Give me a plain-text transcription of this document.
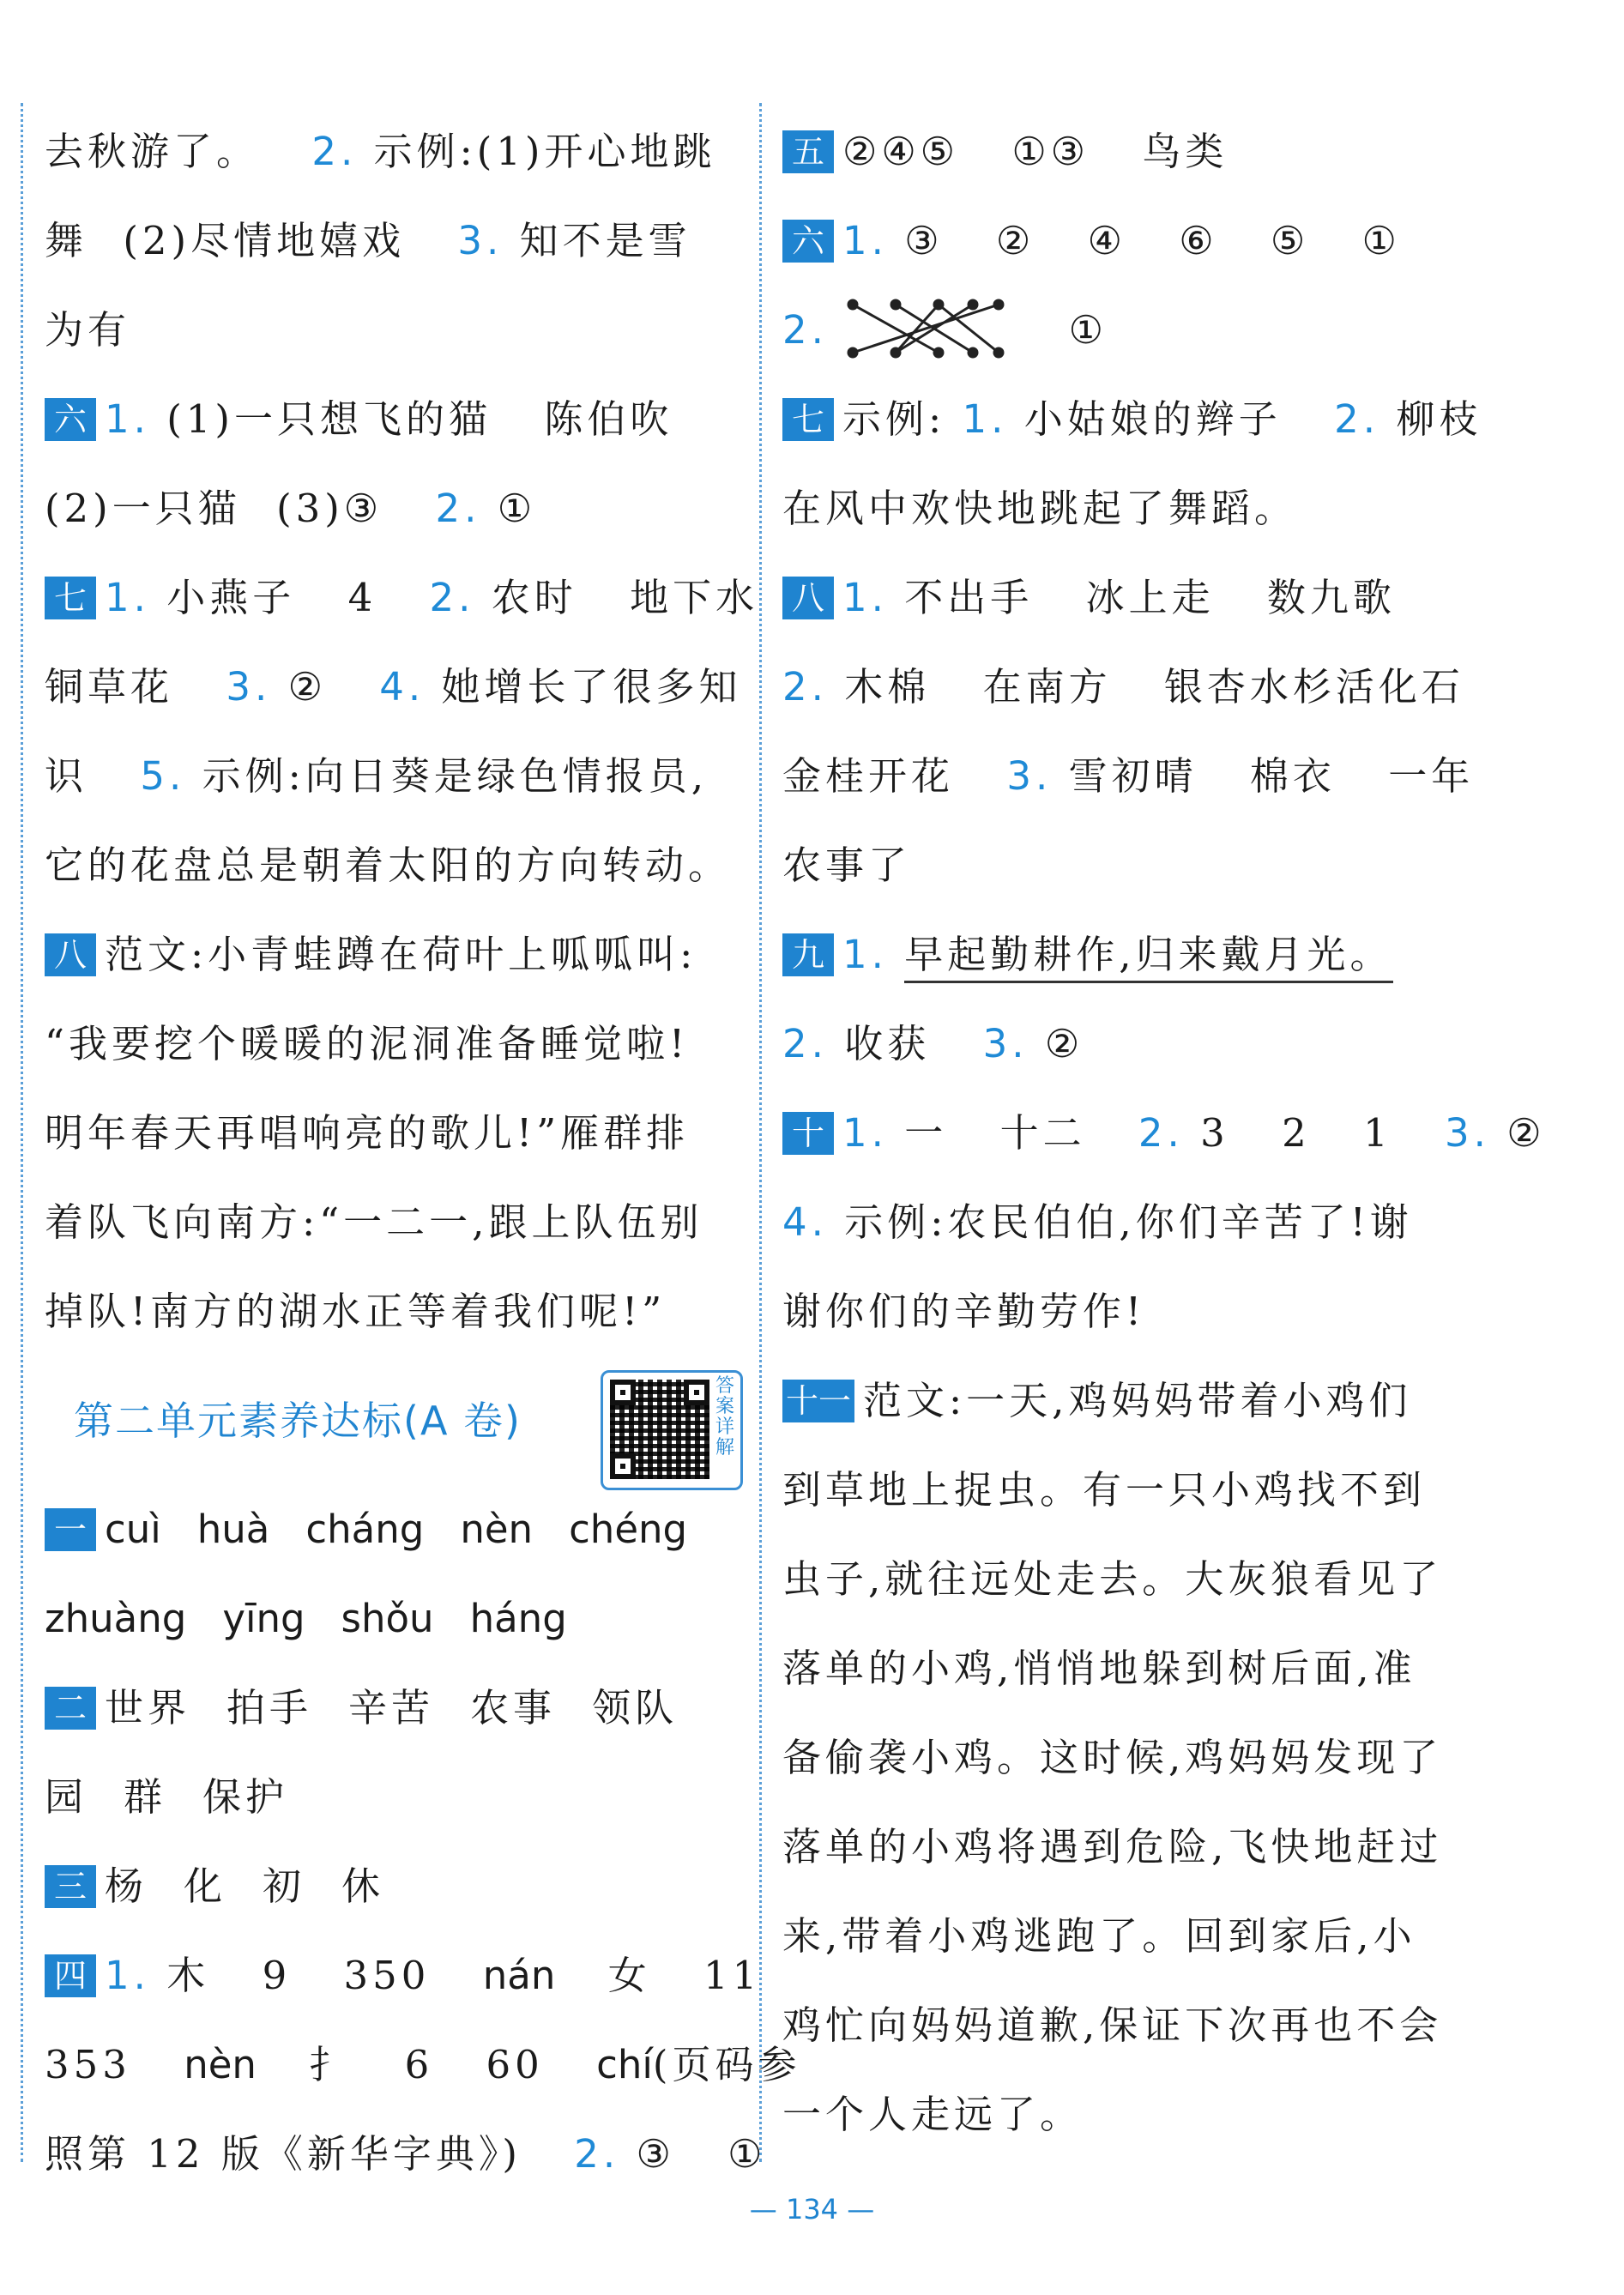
去秋游了。 2. 示例:(1)开心地跳
舞 (2)尽情地嬉戏 3. 知不是雪
为有
六 1. (1)一只想飞的猫 陈伯吹
(2)一只猫 (3)③ 2. ①
七 1. 小燕子 4 2. 农时 地下水
铜草花 3. ② 4. 她增长了很多知
识 5. 示例:向日葵是绿色情报员,
它的花盘总是朝着太阳的方向转动。
八 范文:小青蛙蹲在荷叶上呱呱叫:
“我要挖个暖暖的泥洞准备睡觉啦!
明年春天再唱响亮的歌儿!”雁群排
着队飞向南方:“一二一,跟上队伍别
掉队!南方的湖水正等着我们呢!”
第二单元素养达标(A 卷)
答案详解
一 cuì huà cháng nèn chéng
zhuàng yīng shǒu háng
二 世界 拍手 辛苦 农事 领队
园 群 保护
三 杨 化 初 休
四 1. 木 9 350 nán 女 11
353 nèn 扌 6 60 chí(页码参
照第 12 版《新华字典》) 2. ③ ①
五 ②④⑤ ①③ 鸟类
六 1. ③ ② ④ ⑥ ⑤ ①
2.	①
七 示例: 1. 小姑娘的辫子 2. 柳枝
在风中欢快地跳起了舞蹈。
八 1. 不出手 冰上走 数九歌
2. 木棉 在南方 银杏水杉活化石
金桂开花 3. 雪初晴 棉衣 一年
农事了
九 1. 早起勤耕作,归来戴月光。
2. 收获 3. ②
十 1. 一 十二 2. 3 2 1 3. ②
4. 示例:农民伯伯,你们辛苦了!谢
谢你们的辛勤劳作!
十一 范文:一天,鸡妈妈带着小鸡们
到草地上捉虫。有一只小鸡找不到
虫子,就往远处走去。大灰狼看见了
落单的小鸡,悄悄地躲到树后面,准
备偷袭小鸡。这时候,鸡妈妈发现了
落单的小鸡将遇到危险,飞快地赶过
来,带着小鸡逃跑了。回到家后,小
鸡忙向妈妈道歉,保证下次再也不会
一个人走远了。
— 134 —
